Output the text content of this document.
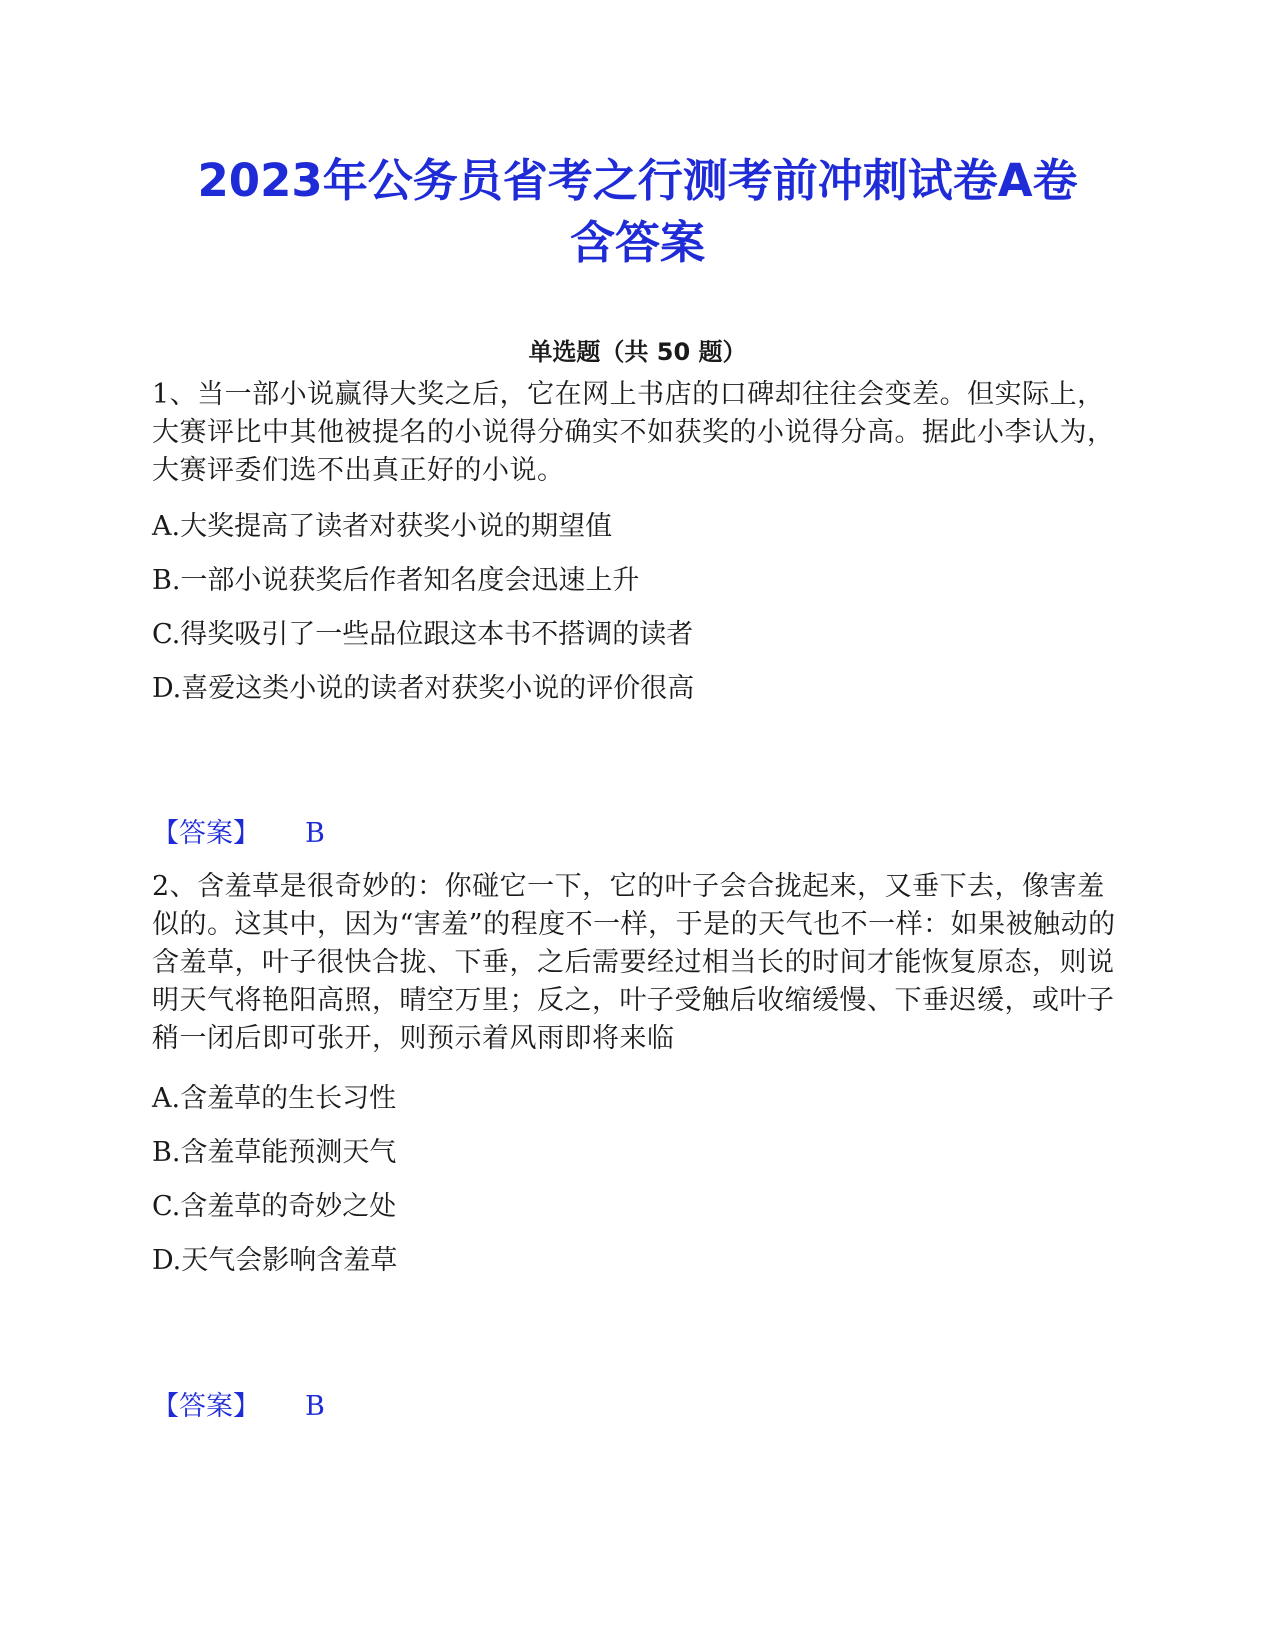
2023年公务员省考之行测考前冲刺试卷A卷
含答案
单选题（共 50 题）

1、当一部小说赢得大奖之后，它在网上书店的口碑却往往会变差。但实际上，大赛评比中其他被提名的小说得分确实不如获奖的小说得分高。据此小李认为，大赛评委们选不出真正好的小说。

A.大奖提高了读者对获奖小说的期望值

B.一部小说获奖后作者知名度会迅速上升

C.得奖吸引了一些品位跟这本书不搭调的读者

D.喜爱这类小说的读者对获奖小说的评价很高

【答案】 B

2、含羞草是很奇妙的：你碰它一下，它的叶子会合拢起来，又垂下去，像害羞似的。这其中，因为“害羞”的程度不一样，于是的天气也不一样：如果被触动的含羞草，叶子很快合拢、下垂，之后需要经过相当长的时间才能恢复原态，则说明天气将艳阳高照，晴空万里；反之，叶子受触后收缩缓慢、下垂迟缓，或叶子稍一闭后即可张开，则预示着风雨即将来临

A.含羞草的生长习性

B.含羞草能预测天气

C.含羞草的奇妙之处

D.天气会影响含羞草

【答案】 B
